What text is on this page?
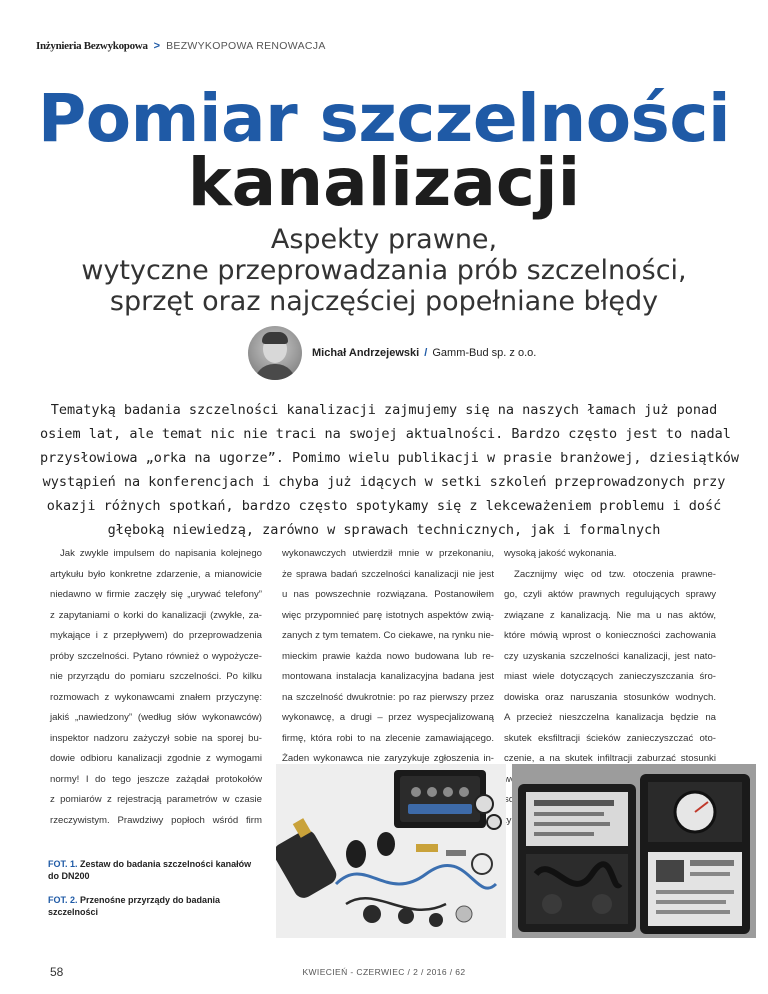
Inżynieria Bezwykopowa > BEZWYKOPOWA RENOWACJA
Pomiar szczelności
kanalizacji
Aspekty prawne,
wytyczne przeprowadzania prób szczelności,
sprzęt oraz najczęściej popełniane błędy
Michał Andrzejewski / Gamm-Bud sp. z o.o.
Tematyką badania szczelności kanalizacji zajmujemy się na naszych łamach już ponad
osiem lat, ale temat nic nie traci na swojej aktualności. Bardzo często jest to nadal
przysłowiowa „orka na ugorze”. Pomimo wielu publikacji w prasie branżowej, dziesiątków
wystąpień na konferencjach i chyba już idących w setki szkoleń przeprowadzonych przy
okazji różnych spotkań, bardzo często spotykamy się z lekceważeniem problemu i dość
głęboką niewiedzą, zarówno w sprawach technicznych, jak i formalnych
Jak zwykle impulsem do napisania kolejnego
artykułu było konkretne zdarzenie, a mianowicie
niedawno w firmie zaczęły się „urywać telefony”
z zapytaniami o korki do kanalizacji (zwykłe, za-
mykające i z przepływem) do przeprowadzenia
próby szczelności. Pytano również o wypożycze-
nie przyrządu do pomiaru szczelności. Po kilku
rozmowach z wykonawcami znałem przyczynę:
jakiś „nawiedzony” (według słów wykonawców)
inspektor nadzoru zażyczył sobie na sporej bu-
dowie odbioru kanalizacji zgodnie z wymogami
normy! I do tego jeszcze zażądał protokołów
z pomiarów z rejestracją parametrów w czasie
rzeczywistym. Prawdziwy popłoch wśród firm
wykonawczych utwierdził mnie w przekonaniu,
że sprawa badań szczelności kanalizacji nie jest
u nas powszechnie rozwiązana. Postanowiłem
więc przypomnieć parę istotnych aspektów zwią-
zanych z tym tematem. Co ciekawe, na rynku nie-
mieckim prawie każda nowo budowana lub re-
montowana instalacja kanalizacyjna badana jest
na szczelność dwukrotnie: po raz pierwszy przez
wykonawcę, a drugi – przez wyspecjalizowaną
firmę, która robi to na zlecenie zamawiającego.
Żaden wykonawca nie zaryzykuje zgłoszenia in-
wysoką jakość wykonania.
Zacznijmy więc od tzw. otoczenia prawne-
go, czyli aktów prawnych regulujących sprawy
związane z kanalizacją. Nie ma u nas aktów,
które mówią wprost o konieczności zachowania
czy uzyskania szczelności kanalizacji, jest nato-
miast wiele dotyczących zanieczyszczania śro-
dowiska oraz naruszania stosunków wodnych.
A przecież nieszczelna kanalizacja będzie na
skutek eksfiltracji ścieków zanieczyszczać oto-
czenie, a na skutek infiltracji zaburzać stosunki
ty
FOT. 1. Zestaw do badania szczelności kanałów do DN200
FOT. 2. Przenośne przyrządy do badania szczelności
58	KWIECIEŃ - CZERWIEC / 2 / 2016 / 62
